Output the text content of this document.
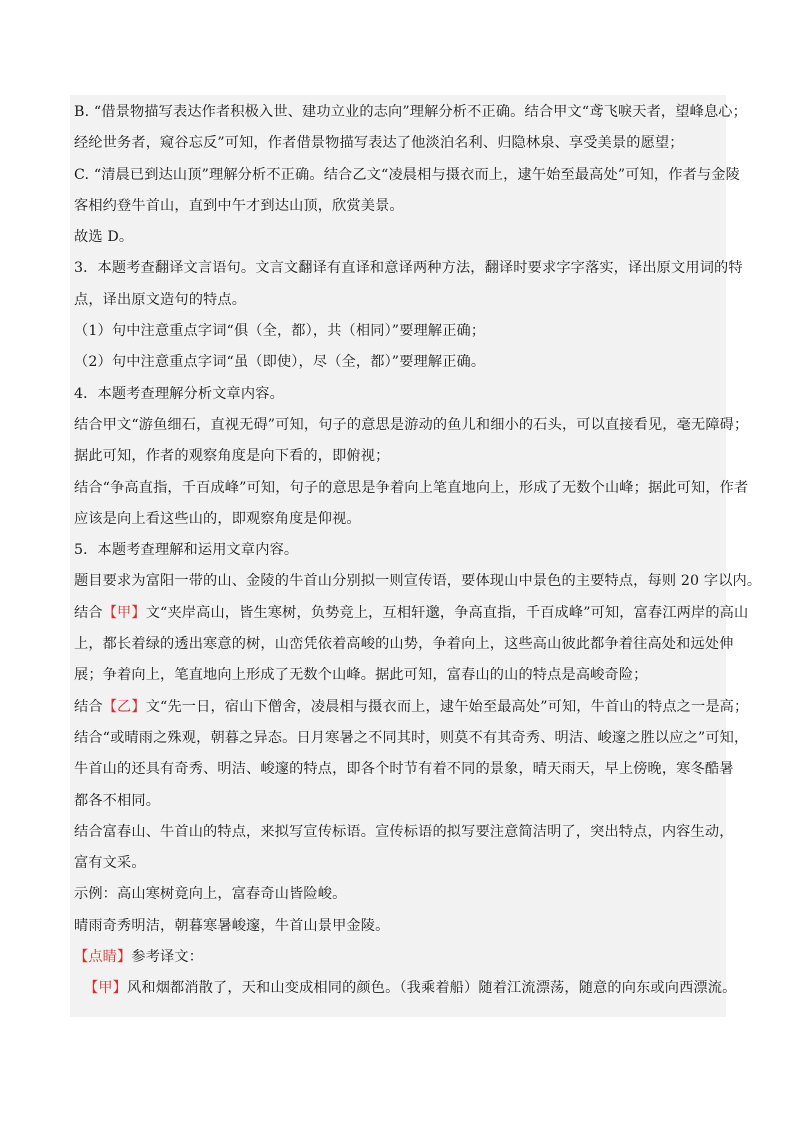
B. “借景物描写表达作者积极入世、建功立业的志向”理解分析不正确。结合甲文“鸢飞唳天者，望峰息心；
经纶世务者，窥谷忘反”可知，作者借景物描写表达了他淡泊名利、归隐林泉、享受美景的愿望；
C. “清晨已到达山顶”理解分析不正确。结合乙文“凌晨相与摄衣而上，逮午始至最高处”可知，作者与金陵
客相约登牛首山，直到中午才到达山顶，欣赏美景。
故选 D。
3．本题考查翻译文言语句。文言文翻译有直译和意译两种方法，翻译时要求字字落实，译出原文用词的特
点，译出原文造句的特点。
（1）句中注意重点字词“俱（全，都），共（相同）”要理解正确；
（2）句中注意重点字词“虽（即使），尽（全，都）”要理解正确。
4．本题考查理解分析文章内容。
结合甲文“游鱼细石，直视无碍”可知，句子的意思是游动的鱼儿和细小的石头，可以直接看见，毫无障碍；
据此可知，作者的观察角度是向下看的，即俯视；
结合“争高直指，千百成峰”可知，句子的意思是争着向上笔直地向上，形成了无数个山峰；据此可知，作者
应该是向上看这些山的，即观察角度是仰视。
5．本题考查理解和运用文章内容。
题目要求为富阳一带的山、金陵的牛首山分别拟一则宣传语，要体现山中景色的主要特点，每则 20 字以内。
结合【甲】文“夹岸高山，皆生寒树，负势竞上，互相轩邈，争高直指，千百成峰”可知，富春江两岸的高山
上，都长着绿的透出寒意的树，山峦凭依着高峻的山势，争着向上，这些高山彼此都争着往高处和远处伸
展；争着向上，笔直地向上形成了无数个山峰。据此可知，富春山的山的特点是高峻奇险；
结合【乙】文“先一日，宿山下僧舍，凌晨相与摄衣而上，逮午始至最高处”可知，牛首山的特点之一是高；
结合“或晴雨之殊观，朝暮之异态。日月寒暑之不同其时，则莫不有其奇秀、明洁、峻邃之胜以应之”可知，
牛首山的还具有奇秀、明洁、峻邃的特点，即各个时节有着不同的景象，晴天雨天，早上傍晚，寒冬酷暑
都各不相同。
结合富春山、牛首山的特点，来拟写宣传标语。宣传标语的拟写要注意简洁明了，突出特点，内容生动，
富有文采。
示例：高山寒树竟向上，富春奇山皆险峻。
晴雨奇秀明洁，朝暮寒暑峻邃，牛首山景甲金陵。
【点睛】参考译文：
【甲】风和烟都消散了，天和山变成相同的颜色。（我乘着船）随着江流漂荡，随意的向东或向西漂流。
